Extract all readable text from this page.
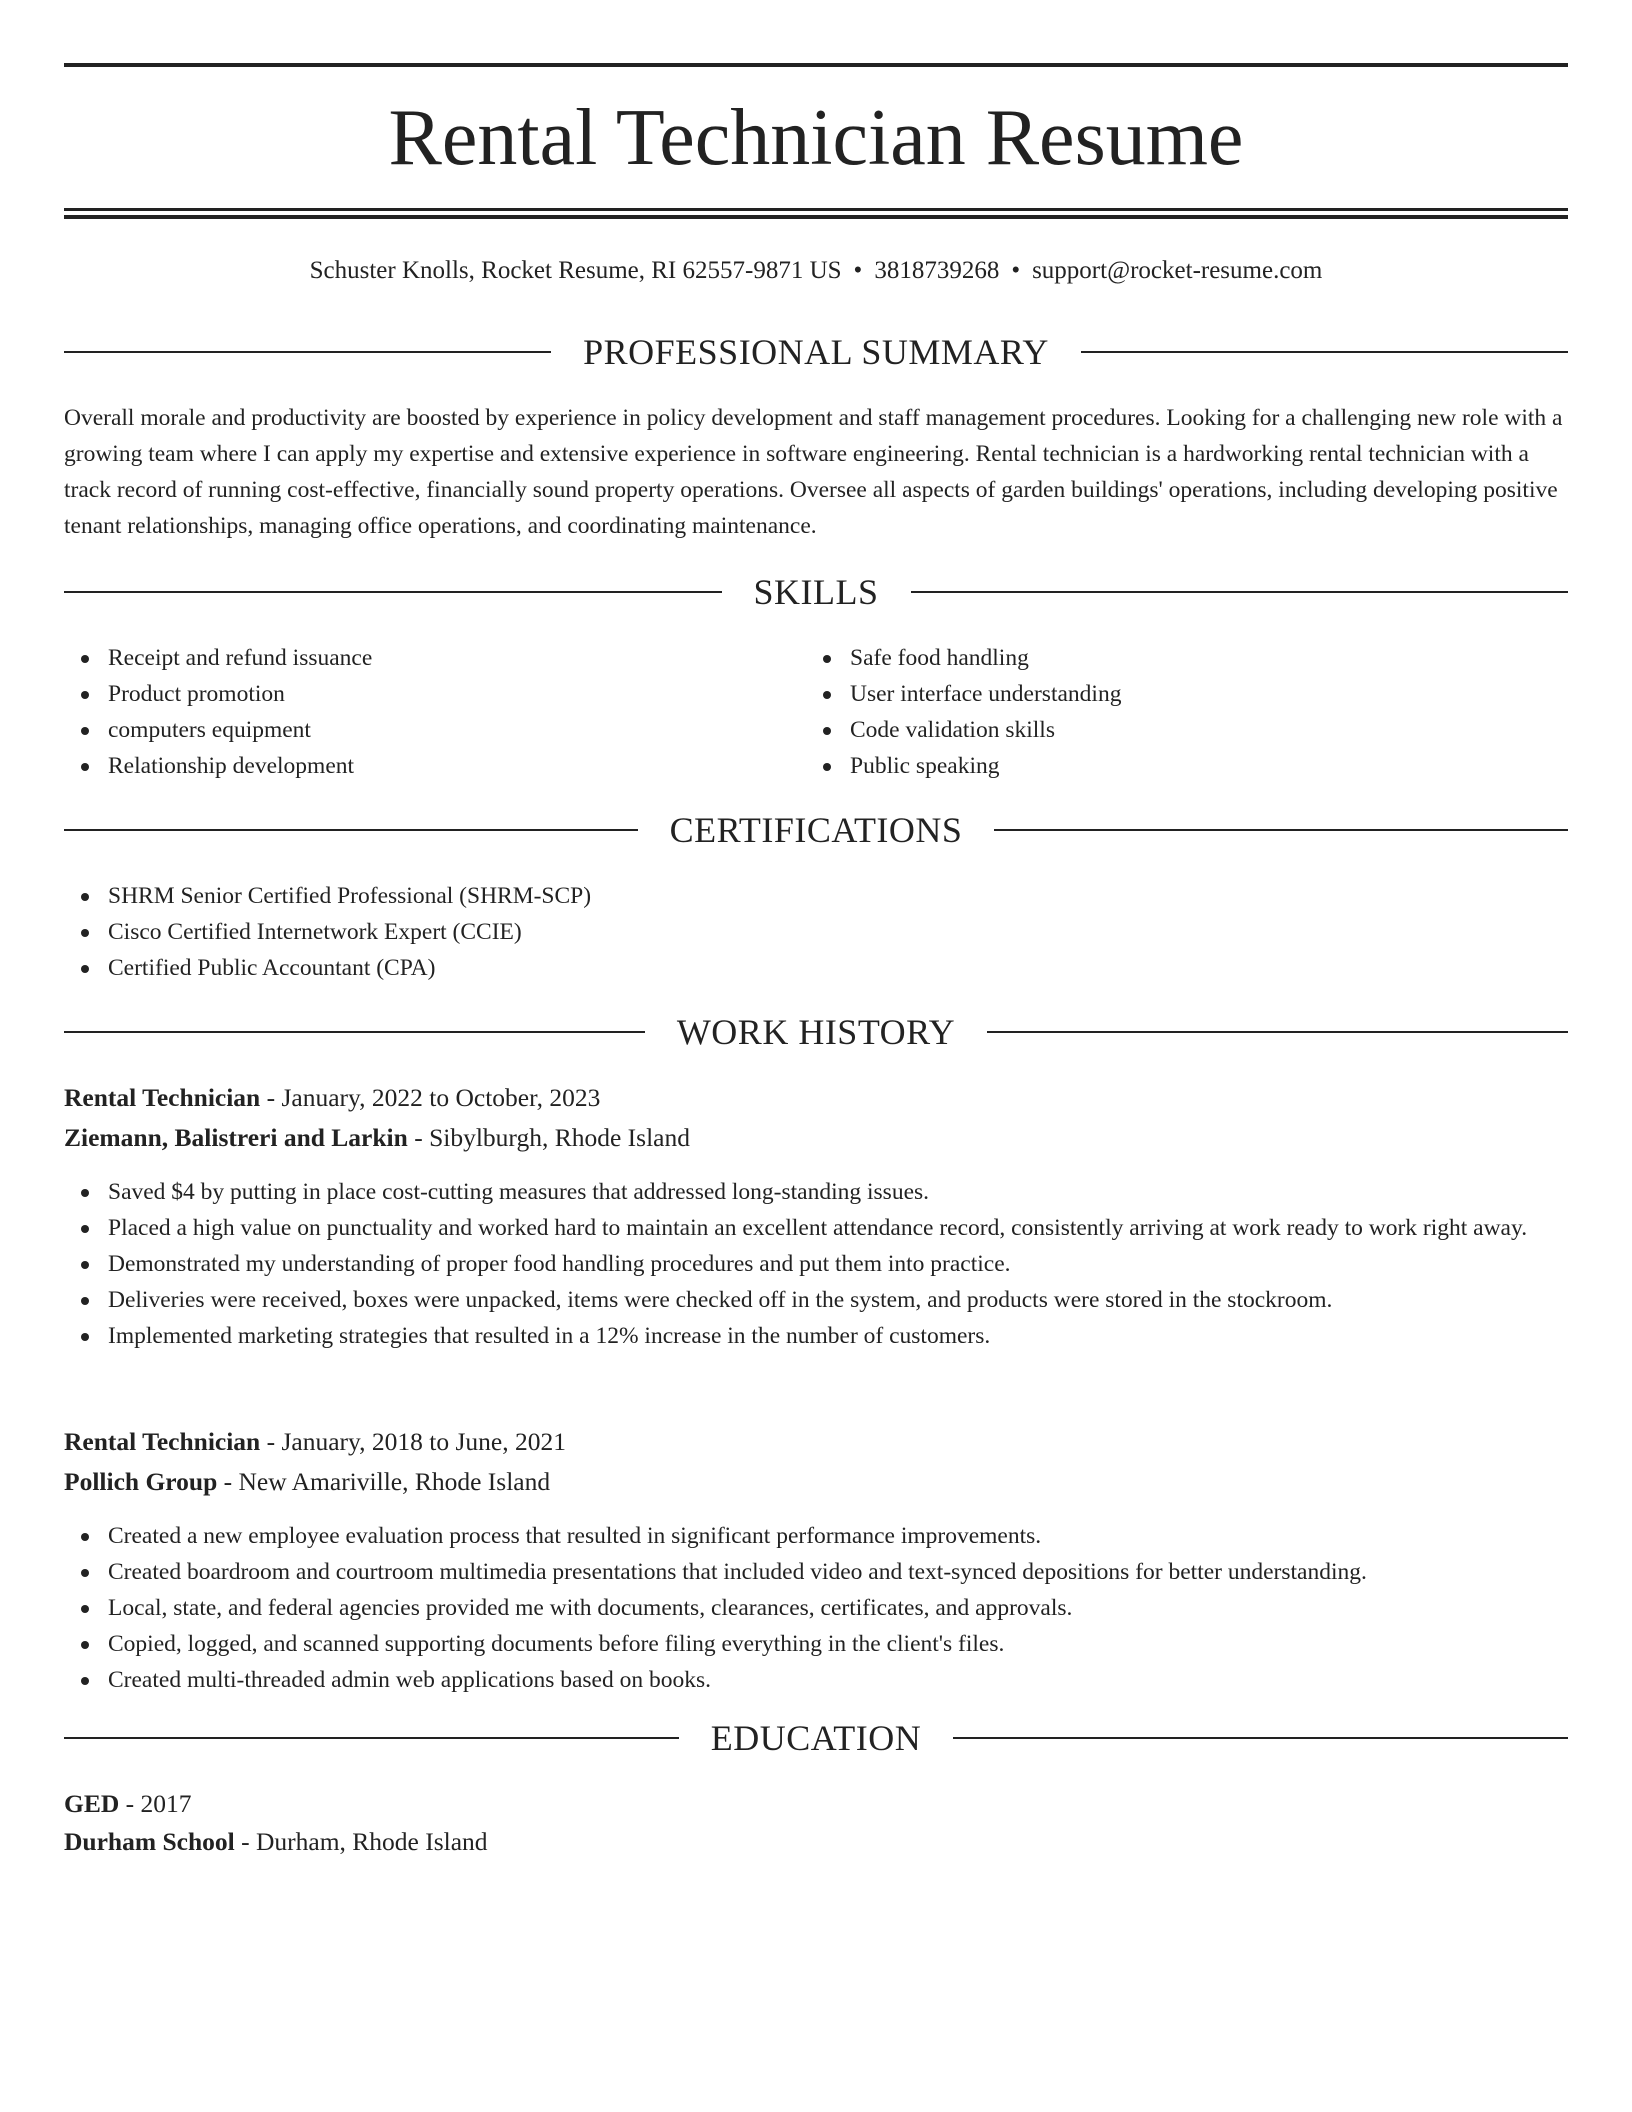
Rental Technician Resume
Schuster Knolls, Rocket Resume, RI 62557-9871 US • 3818739268 • support@rocket-resume.com
PROFESSIONAL SUMMARY

Overall morale and productivity are boosted by experience in policy development and staff management procedures. Looking for a challenging new role with a growing team where I can apply my expertise and extensive experience in software engineering. Rental technician is a hardworking rental technician with a track record of running cost-effective, financially sound property operations. Oversee all aspects of garden buildings' operations, including developing positive tenant relationships, managing office operations, and coordinating maintenance.

SKILLS
Receipt and refund issuance
Product promotion
computers equipment
Relationship development
Safe food handling
User interface understanding
Code validation skills
Public speaking
CERTIFICATIONS
SHRM Senior Certified Professional (SHRM-SCP)
Cisco Certified Internetwork Expert (CCIE)
Certified Public Accountant (CPA)
WORK HISTORY
Rental Technician - January, 2022 to October, 2023
Ziemann, Balistreri and Larkin - Sibylburgh, Rhode Island
Saved $4 by putting in place cost-cutting measures that addressed long-standing issues.
Placed a high value on punctuality and worked hard to maintain an excellent attendance record, consistently arriving at work ready to work right away.
Demonstrated my understanding of proper food handling procedures and put them into practice.
Deliveries were received, boxes were unpacked, items were checked off in the system, and products were stored in the stockroom.
Implemented marketing strategies that resulted in a 12% increase in the number of customers.
Rental Technician - January, 2018 to June, 2021
Pollich Group - New Amariville, Rhode Island
Created a new employee evaluation process that resulted in significant performance improvements.
Created boardroom and courtroom multimedia presentations that included video and text-synced depositions for better understanding.
Local, state, and federal agencies provided me with documents, clearances, certificates, and approvals.
Copied, logged, and scanned supporting documents before filing everything in the client's files.
Created multi-threaded admin web applications based on books.
EDUCATION
GED - 2017
Durham School - Durham, Rhode Island
